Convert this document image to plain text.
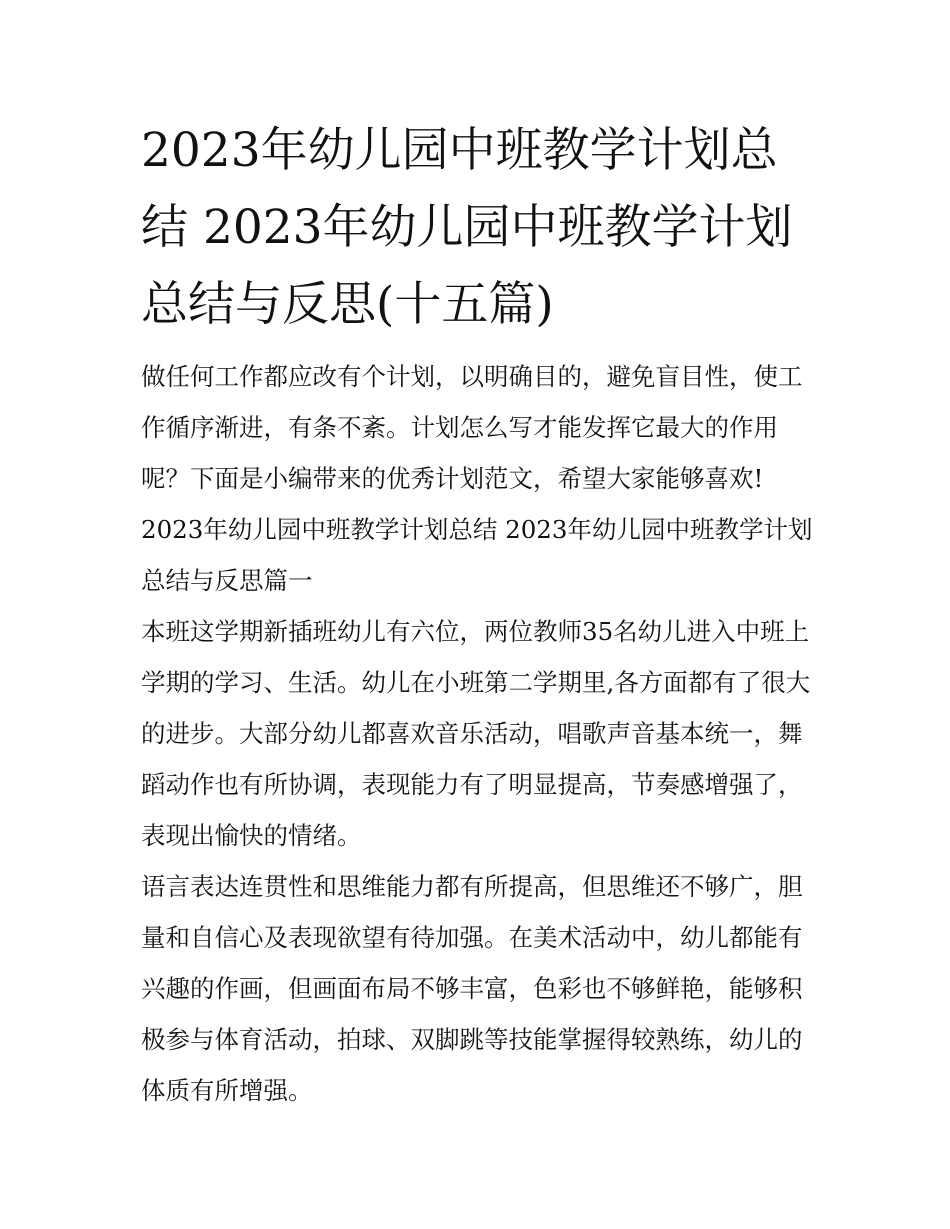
2023年幼儿园中班教学计划总结 2023年幼儿园中班教学计划总结与反思(十五篇)

做任何工作都应改有个计划，以明确目的，避免盲目性，使工作循序渐进，有条不紊。计划怎么写才能发挥它最大的作用呢？下面是小编带来的优秀计划范文，希望大家能够喜欢!

2023年幼儿园中班教学计划总结 2023年幼儿园中班教学计划总结与反思篇一

本班这学期新插班幼儿有六位，两位教师35名幼儿进入中班上学期的学习、生活。幼儿在小班第二学期里,各方面都有了很大的进步。大部分幼儿都喜欢音乐活动，唱歌声音基本统一，舞蹈动作也有所协调，表现能力有了明显提高，节奏感增强了，表现出愉快的情绪。

语言表达连贯性和思维能力都有所提高，但思维还不够广，胆量和自信心及表现欲望有待加强。在美术活动中，幼儿都能有兴趣的作画，但画面布局不够丰富，色彩也不够鲜艳，能够积极参与体育活动，拍球、双脚跳等技能掌握得较熟练，幼儿的体质有所增强。
